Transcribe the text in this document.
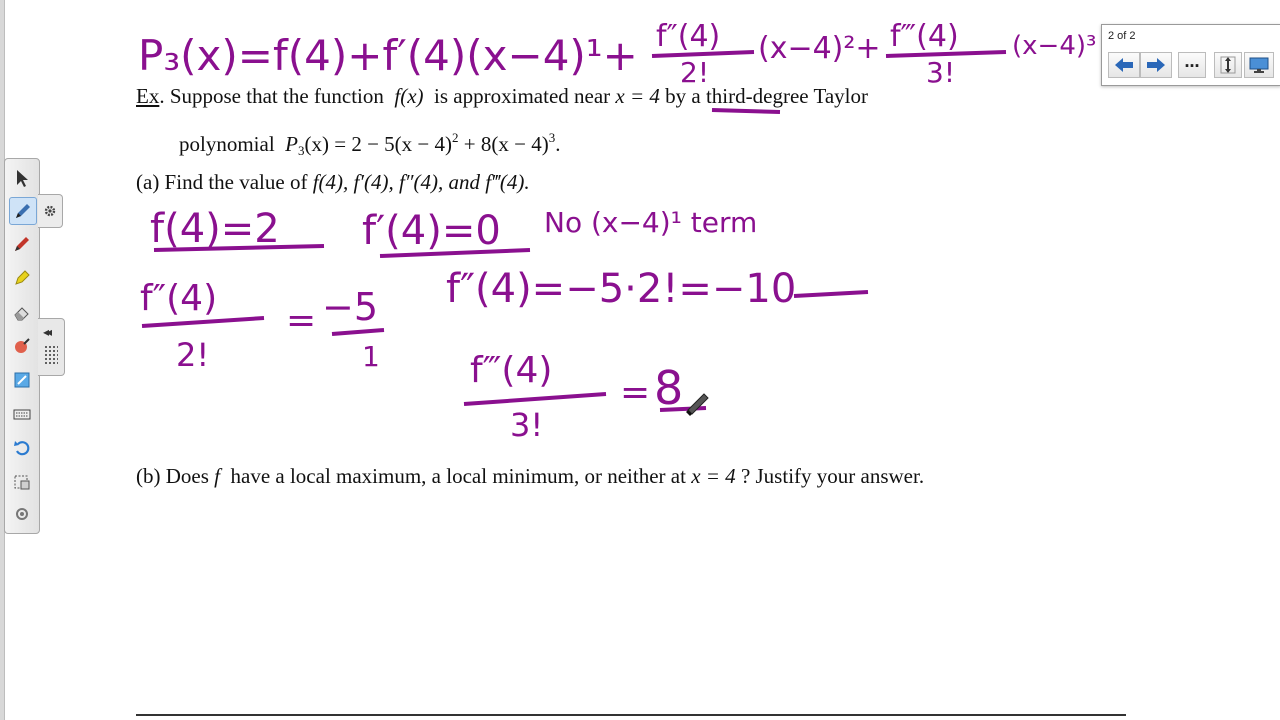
Ex. Suppose that the function f(x) is approximated near x = 4 by a third-degree Taylor
polynomial $P_3(x) = 2 - 5(x - 4)^2 + 8(x - 4)^3$.
(a) Find the value of f(4), f′(4), f″(4), and f‴(4).
(b) Does f have a local maximum, a local minimum, or neither at x = 4 ? Justify your answer.
P₃(x)=f(4)+f′(4)(x−4)¹+ f″(4)
2!
(x−4)²+ f‴(4)
3!
(x−4)³
f(4)=2 f′(4)=0 No (x−4)¹ term
f″(4)
2!
= −5
1
f″(4)=−5·2!=−10
f‴(4)
3!
= 8
◂◂
2 of 2
…
